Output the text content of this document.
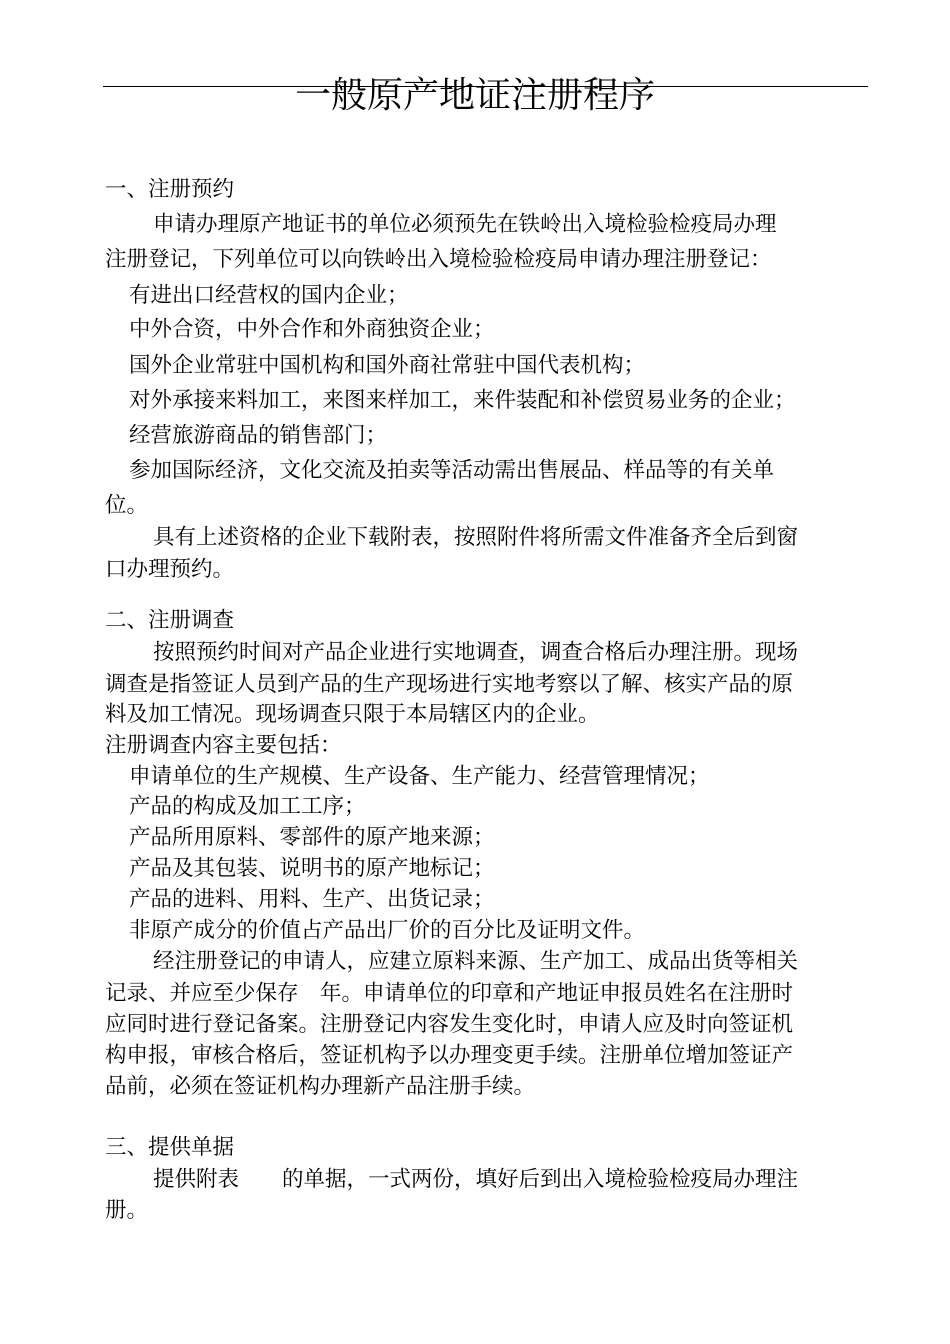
一般原产地证注册程序
一、注册预约
申请办理原产地证书的单位必须预先在铁岭出入境检验检疫局办理
注册登记，下列单位可以向铁岭出入境检验检疫局申请办理注册登记：
有进出口经营权的国内企业；
中外合资，中外合作和外商独资企业；
国外企业常驻中国机构和国外商社常驻中国代表机构；
对外承接来料加工，来图来样加工，来件装配和补偿贸易业务的企业；
经营旅游商品的销售部门；
参加国际经济，文化交流及拍卖等活动需出售展品、样品等的有关单
位。
具有上述资格的企业下载附表，按照附件将所需文件准备齐全后到窗
口办理预约。
二、注册调查
按照预约时间对产品企业进行实地调查，调查合格后办理注册。现场
调查是指签证人员到产品的生产现场进行实地考察以了解、核实产品的原
料及加工情况。现场调查只限于本局辖区内的企业。
注册调查内容主要包括：
申请单位的生产规模、生产设备、生产能力、经营管理情况；
产品的构成及加工工序；
产品所用原料、零部件的原产地来源；
产品及其包装、说明书的原产地标记；
产品的进料、用料、生产、出货记录；
非原产成分的价值占产品出厂价的百分比及证明文件。
经注册登记的申请人，应建立原料来源、生产加工、成品出货等相关
记录、并应至少保存　年。申请单位的印章和产地证申报员姓名在注册时
应同时进行登记备案。注册登记内容发生变化时，申请人应及时向签证机
构申报，审核合格后，签证机构予以办理变更手续。注册单位增加签证产
品前，必须在签证机构办理新产品注册手续。
三、提供单据
提供附表　　的单据，一式两份，填好后到出入境检验检疫局办理注
册。
